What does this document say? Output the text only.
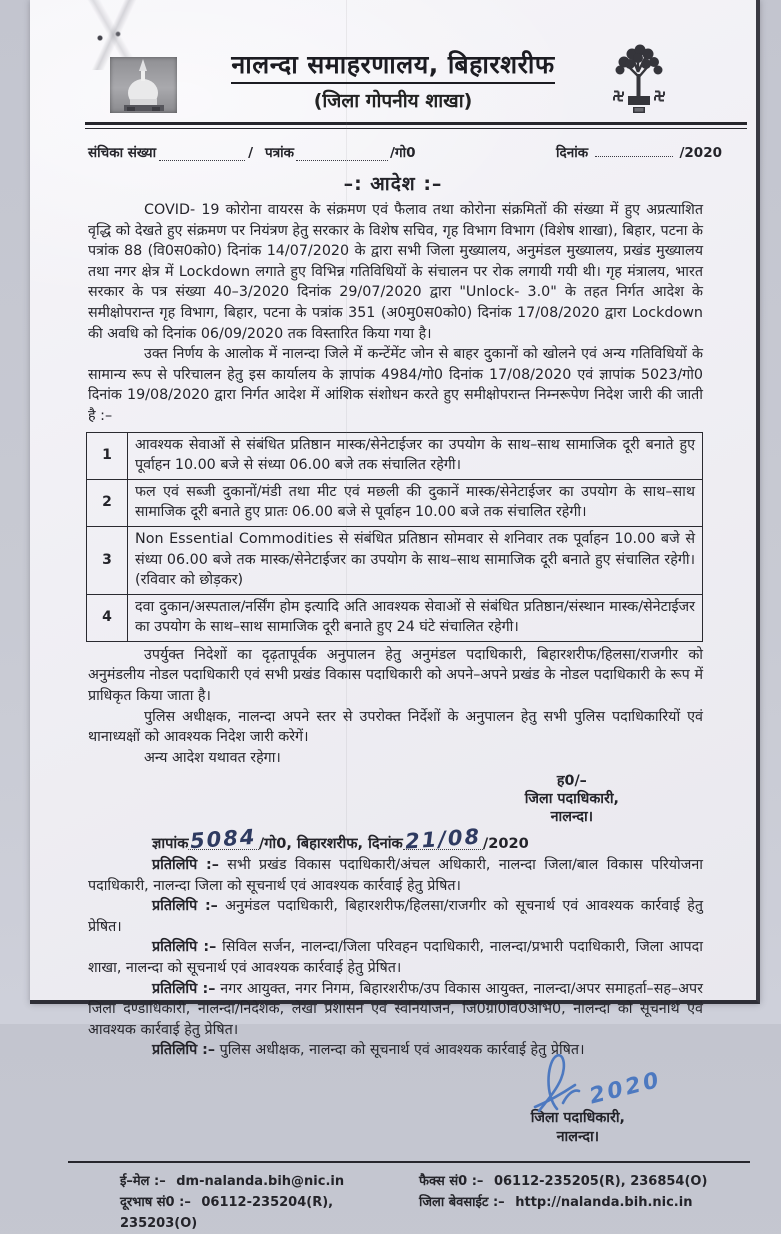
नालन्दा समाहरणालय, बिहारशरीफ
(जिला गोपनीय शाखा)
संचिका संख्या	/ पत्रांक	/गो0	दिनांक	/2020
–: आदेश :–

COVID- 19 कोरोना वायरस के संक्रमण एवं फैलाव तथा कोरोना संक्रमितों की संख्या में हुए अप्रत्याशित वृद्धि को देखते हुए संक्रमण पर नियंत्रण हेतु सरकार के विशेष सचिव, गृह विभाग विभाग (विशेष शाखा), बिहार, पटना के पत्रांक 88 (वि0स0को0) दिनांक 14/07/2020 के द्वारा सभी जिला मुख्यालय, अनुमंडल मुख्यालय, प्रखंड मुख्यालय तथा नगर क्षेत्र में Lockdown लगाते हुए विभिन्न गतिविधियों के संचालन पर रोक लगायी गयी थी। गृह मंत्रालय, भारत सरकार के पत्र संख्या 40–3/2020 दिनांक 29/07/2020 द्वारा "Unlock- 3.0" के तहत निर्गत आदेश के समीक्षोपरान्त गृह विभाग, बिहार, पटना के पत्रांक 351 (अ0मु0स0को0) दिनांक 17/08/2020 द्वारा Lockdown की अवधि को दिनांक 06/09/2020 तक विस्तारित किया गया है।

उक्त निर्णय के आलोक में नालन्दा जिले में कन्टेंमेंट जोन से बाहर दुकानों को खोलने एवं अन्य गतिविधियों के सामान्य रूप से परिचालन हेतु इस कार्यालय के ज्ञापांक 4984/गो0 दिनांक 17/08/2020 एवं ज्ञापांक 5023/गो0 दिनांक 19/08/2020 द्वारा निर्गत आदेश में आंशिक संशोधन करते हुए समीक्षोपरान्त निम्नरूपेण निदेश जारी की जाती है :–

1	आवश्यक सेवाओं से संबंधित प्रतिष्ठान मास्क/सेनेटाईजर का उपयोग के साथ–साथ सामाजिक दूरी बनाते हुए पूर्वाहन 10.00 बजे से संध्या 06.00 बजे तक संचालित रहेगी।
2	फल एवं सब्जी दुकानों/मंडी तथा मीट एवं मछली की दुकानें मास्क/सेनेटाईजर का उपयोग के साथ–साथ सामाजिक दूरी बनाते हुए प्रातः 06.00 बजे से पूर्वाहन 10.00 बजे तक संचालित रहेगी।
3	Non Essential Commodities से संबंधित प्रतिष्ठान सोमवार से शनिवार तक पूर्वाहन 10.00 बजे से संध्या 06.00 बजे तक मास्क/सेनेटाईजर का उपयोग के साथ–साथ सामाजिक दूरी बनाते हुए संचालित रहेगी। (रविवार को छोड़कर)
4	दवा दुकान/अस्पताल/नर्सिंग होम इत्यादि अति आवश्यक सेवाओं से संबंधित प्रतिष्ठान/संस्थान मास्क/सेनेटाईजर का उपयोग के साथ–साथ सामाजिक दूरी बनाते हुए 24 घंटे संचालित रहेगी।

उपर्युक्त निदेशों का दृढ़तापूर्वक अनुपालन हेतु अनुमंडल पदाधिकारी, बिहारशरीफ/हिलसा/राजगीर को अनुमंडलीय नोडल पदाधिकारी एवं सभी प्रखंड विकास पदाधिकारी को अपने–अपने प्रखंड के नोडल पदाधिकारी के रूप में प्राधिकृत किया जाता है।

पुलिस अधीक्षक, नालन्दा अपने स्तर से उपरोक्त निर्देशों के अनुपालन हेतु सभी पुलिस पदाधिकारियों एवं थानाध्यक्षों को आवश्यक निदेश जारी करेगें।

अन्य आदेश यथावत रहेगा।

ह0/–
जिला पदाधिकारी,
नालन्दा।
ज्ञापांक5084/गो0, बिहारशरीफ, दिनांक21/08/2020

प्रतिलिपि :– सभी प्रखंड विकास पदाधिकारी/अंचल अधिकारी, नालन्दा जिला/बाल विकास परियोजना पदाधिकारी, नालन्दा जिला को सूचनार्थ एवं आवश्यक कार्रवाई हेतु प्रेषित।

प्रतिलिपि :– अनुमंडल पदाधिकारी, बिहारशरीफ/हिलसा/राजगीर को सूचनार्थ एवं आवश्यक कार्रवाई हेतु प्रेषित।

प्रतिलिपि :– सिविल सर्जन, नालन्दा/जिला परिवहन पदाधिकारी, नालन्दा/प्रभारी पदाधिकारी, जिला आपदा शाखा, नालन्दा को सूचनार्थ एवं आवश्यक कार्रवाई हेतु प्रेषित।

प्रतिलिपि :– नगर आयुक्त, नगर निगम, बिहारशरीफ/उप विकास आयुक्त, नालन्दा/अपर समाहर्ता–सह–अपर जिला दण्डाधिकारी, नालन्दा/निदेशक, लेखा प्रशासन एवं स्वनियोजन, जि0ग्रा0वि0अभि0, नालन्दा को सूचनार्थ एवं आवश्यक कार्रवाई हेतु प्रेषित।

प्रतिलिपि :– पुलिस अधीक्षक, नालन्दा को सूचनार्थ एवं आवश्यक कार्रवाई हेतु प्रेषित।

2020
जिला पदाधिकारी,
नालन्दा।
ई–मेल :– dm-nalanda.bih@nic.in
दूरभाष सं0 :– 06112-235204(R), 235203(O)
फैक्स सं0 :– 06112-235205(R), 236854(O)
जिला बेवसाईट :– http://nalanda.bih.nic.in
